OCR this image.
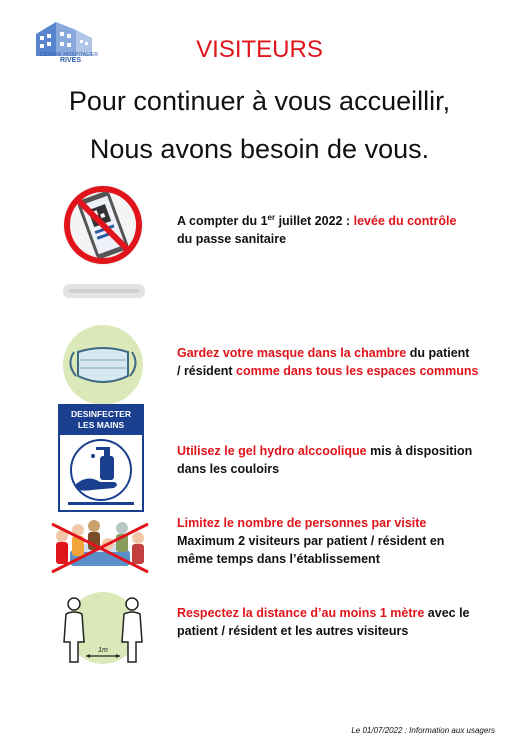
CENTRE HOSPITALIER
RIVES	VISITEURS
Pour continuer à vous accueillir,
Nous avons besoin de vous.
A compter du 1er juillet 2022 : levée du contrôle
du passe sanitaire
Gardez votre masque dans la chambre du patient
/ résident comme dans tous les espaces communs
DESINFECTER
LES MAINS
Utilisez le gel hydro alccoolique mis à disposition
dans les couloirs
Limitez le nombre de personnes par visite
Maximum 2 visiteurs par patient / résident en
même temps dans l’établissement
1m
Respectez la distance d’au moins 1 mètre avec le
patient / résident et les autres visiteurs
Le 01/07/2022 : Information aux usagers
